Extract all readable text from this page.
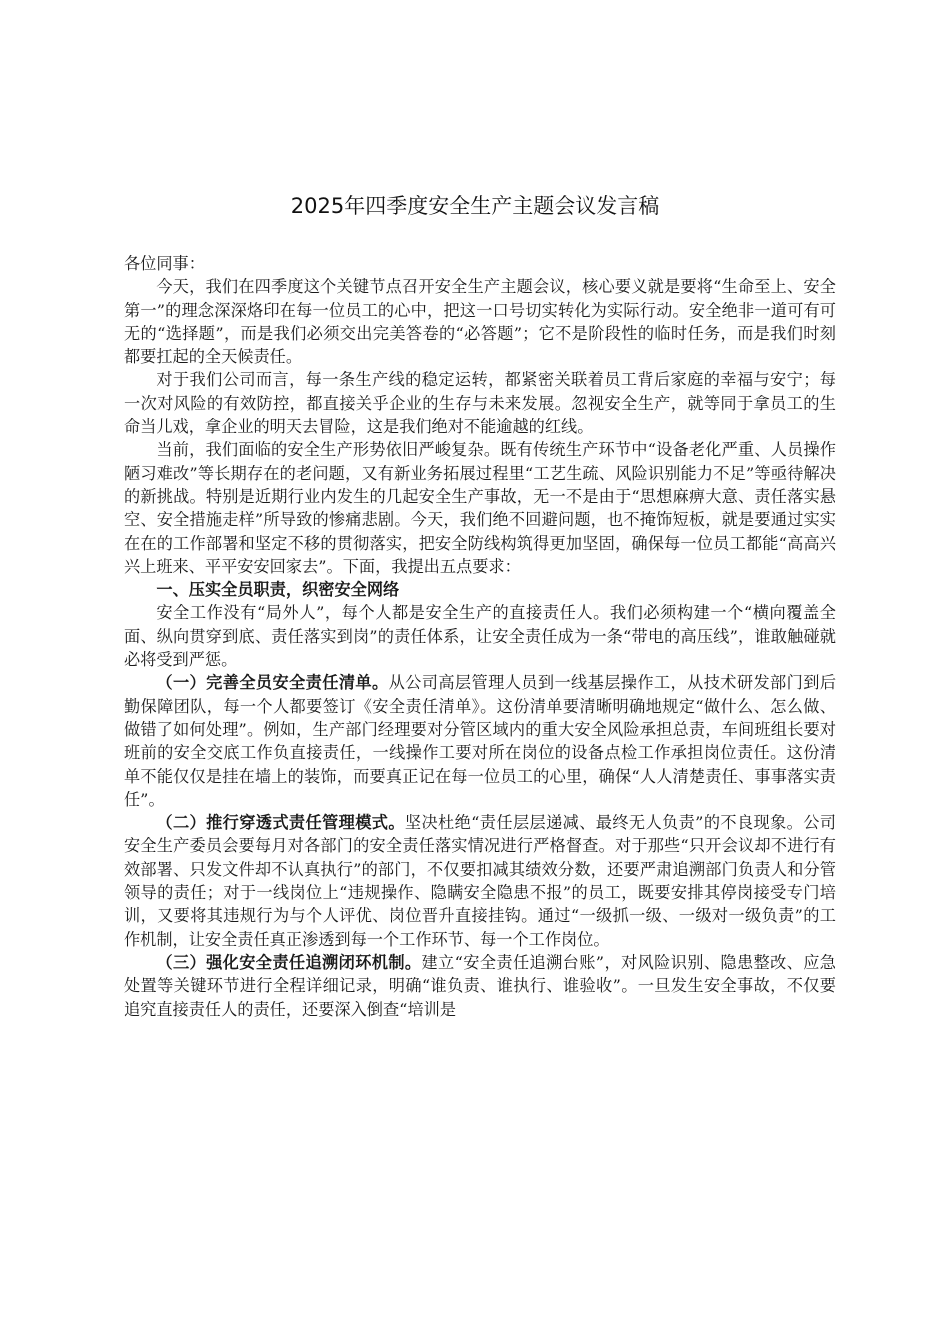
2025年四季度安全生产主题会议发言稿

各位同事：

今天，我们在四季度这个关键节点召开安全生产主题会议，核心要义就是要将“生命至上、安全第一”的理念深深烙印在每一位员工的心中，把这一口号切实转化为实际行动。安全绝非一道可有可无的“选择题”，而是我们必须交出完美答卷的“必答题”；它不是阶段性的临时任务，而是我们时刻都要扛起的全天候责任。

对于我们公司而言，每一条生产线的稳定运转，都紧密关联着员工背后家庭的幸福与安宁；每一次对风险的有效防控，都直接关乎企业的生存与未来发展。忽视安全生产，就等同于拿员工的生命当儿戏，拿企业的明天去冒险，这是我们绝对不能逾越的红线。

当前，我们面临的安全生产形势依旧严峻复杂。既有传统生产环节中“设备老化严重、人员操作陋习难改”等长期存在的老问题，又有新业务拓展过程里“工艺生疏、风险识别能力不足”等亟待解决的新挑战。特别是近期行业内发生的几起安全生产事故，无一不是由于“思想麻痹大意、责任落实悬空、安全措施走样”所导致的惨痛悲剧。今天，我们绝不回避问题，也不掩饰短板，就是要通过实实在在的工作部署和坚定不移的贯彻落实，把安全防线构筑得更加坚固，确保每一位员工都能“高高兴兴上班来、平平安安回家去”。下面，我提出五点要求：

一、压实全员职责，织密安全网络

安全工作没有“局外人”，每个人都是安全生产的直接责任人。我们必须构建一个“横向覆盖全面、纵向贯穿到底、责任落实到岗”的责任体系，让安全责任成为一条“带电的高压线”，谁敢触碰就必将受到严惩。

（一）完善全员安全责任清单。从公司高层管理人员到一线基层操作工，从技术研发部门到后勤保障团队，每一个人都要签订《安全责任清单》。这份清单要清晰明确地规定“做什么、怎么做、做错了如何处理”。例如，生产部门经理要对分管区域内的重大安全风险承担总责，车间班组长要对班前的安全交底工作负直接责任，一线操作工要对所在岗位的设备点检工作承担岗位责任。这份清单不能仅仅是挂在墙上的装饰，而要真正记在每一位员工的心里，确保“人人清楚责任、事事落实责任”。

（二）推行穿透式责任管理模式。坚决杜绝“责任层层递减、最终无人负责”的不良现象。公司安全生产委员会要每月对各部门的安全责任落实情况进行严格督查。对于那些“只开会议却不进行有效部署、只发文件却不认真执行”的部门，不仅要扣减其绩效分数，还要严肃追溯部门负责人和分管领导的责任；对于一线岗位上“违规操作、隐瞒安全隐患不报”的员工，既要安排其停岗接受专门培训，又要将其违规行为与个人评优、岗位晋升直接挂钩。通过“一级抓一级、一级对一级负责”的工作机制，让安全责任真正渗透到每一个工作环节、每一个工作岗位。

（三）强化安全责任追溯闭环机制。建立“安全责任追溯台账”，对风险识别、隐患整改、应急处置等关键环节进行全程详细记录，明确“谁负责、谁执行、谁验收”。一旦发生安全事故，不仅要追究直接责任人的责任，还要深入倒查“培训是
